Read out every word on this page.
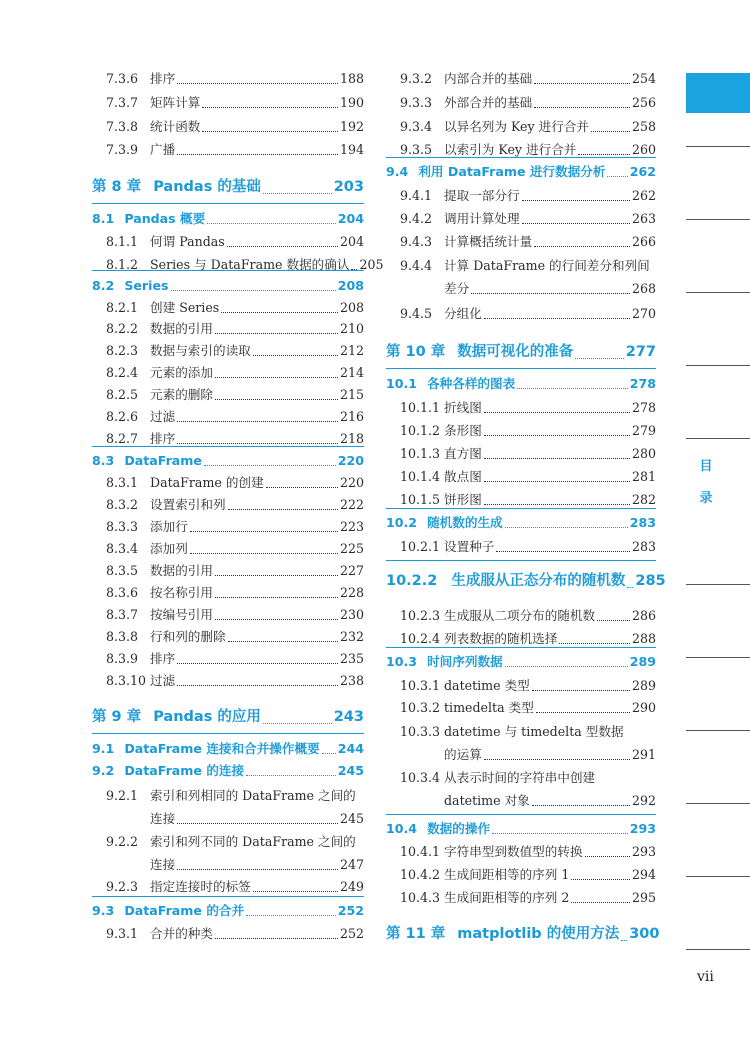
7.3.6 排序	188
7.3.7 矩阵计算	190
7.3.8 统计函数	192
7.3.9 广播	194
第 8 章 Pandas 的基础	203
8.1 Pandas 概要	204
8.1.1 何谓 Pandas	204
8.1.2 Series 与 DataFrame 数据的确认 205
8.2 Series	208
8.2.1 创建 Series	208
8.2.2 数据的引用	210
8.2.3 数据与索引的读取	212
8.2.4 元素的添加	214
8.2.5 元素的删除	215
8.2.6 过滤	216
8.2.7 排序	218
8.3 DataFrame	220
8.3.1 DataFrame 的创建	220
8.3.2 设置索引和列	222
8.3.3 添加行	223
8.3.4 添加列	225
8.3.5 数据的引用	227
8.3.6 按名称引用	228
8.3.7 按编号引用	230
8.3.8 行和列的删除	232
8.3.9 排序	235
8.3.10 过滤	238
第 9 章 Pandas 的应用	243
9.1 DataFrame 连接和合并操作概要 244
9.2 DataFrame 的连接	245
9.2.1 索引和列相同的 DataFrame 之间的
连接	245
9.2.2 索引和列不同的 DataFrame 之间的
连接	247
9.2.3 指定连接时的标签	249
9.3 DataFrame 的合并	252
9.3.1 合并的种类	252
9.3.2 内部合并的基础	254
9.3.3 外部合并的基础	256
9.3.4 以异名列为 Key 进行合并	258
9.3.5 以索引为 Key 进行合并	260
9.4 利用 DataFrame 进行数据分析 262
9.4.1 提取一部分行	262
9.4.2 调用计算处理	263
9.4.3 计算概括统计量	266
9.4.4 计算 DataFrame 的行间差分和列间
差分	268
9.4.5 分组化	270
第 10 章 数据可视化的准备	277
10.1 各种各样的图表	278
10.1.1 折线图	278
10.1.2 条形图	279
10.1.3 直方图	280
10.1.4 散点图	281
10.1.5 饼形图	282
10.2 随机数的生成	283
10.2.1 设置种子	283
10.2.2 生成服从正态分布的随机数 285
10.2.3 生成服从二项分布的随机数	286
10.2.4 列表数据的随机选择	288
10.3 时间序列数据	289
10.3.1 datetime 类型	289
10.3.2 timedelta 类型	290
10.3.3 datetime 与 timedelta 型数据
的运算	291
10.3.4 从表示时间的字符串中创建
datetime 对象	292
10.4 数据的操作	293
10.4.1 字符串型到数值型的转换	293
10.4.2 生成间距相等的序列 1	294
10.4.3 生成间距相等的序列 2	295
第 11 章 matplotlib 的使用方法 300
目
录
vii
